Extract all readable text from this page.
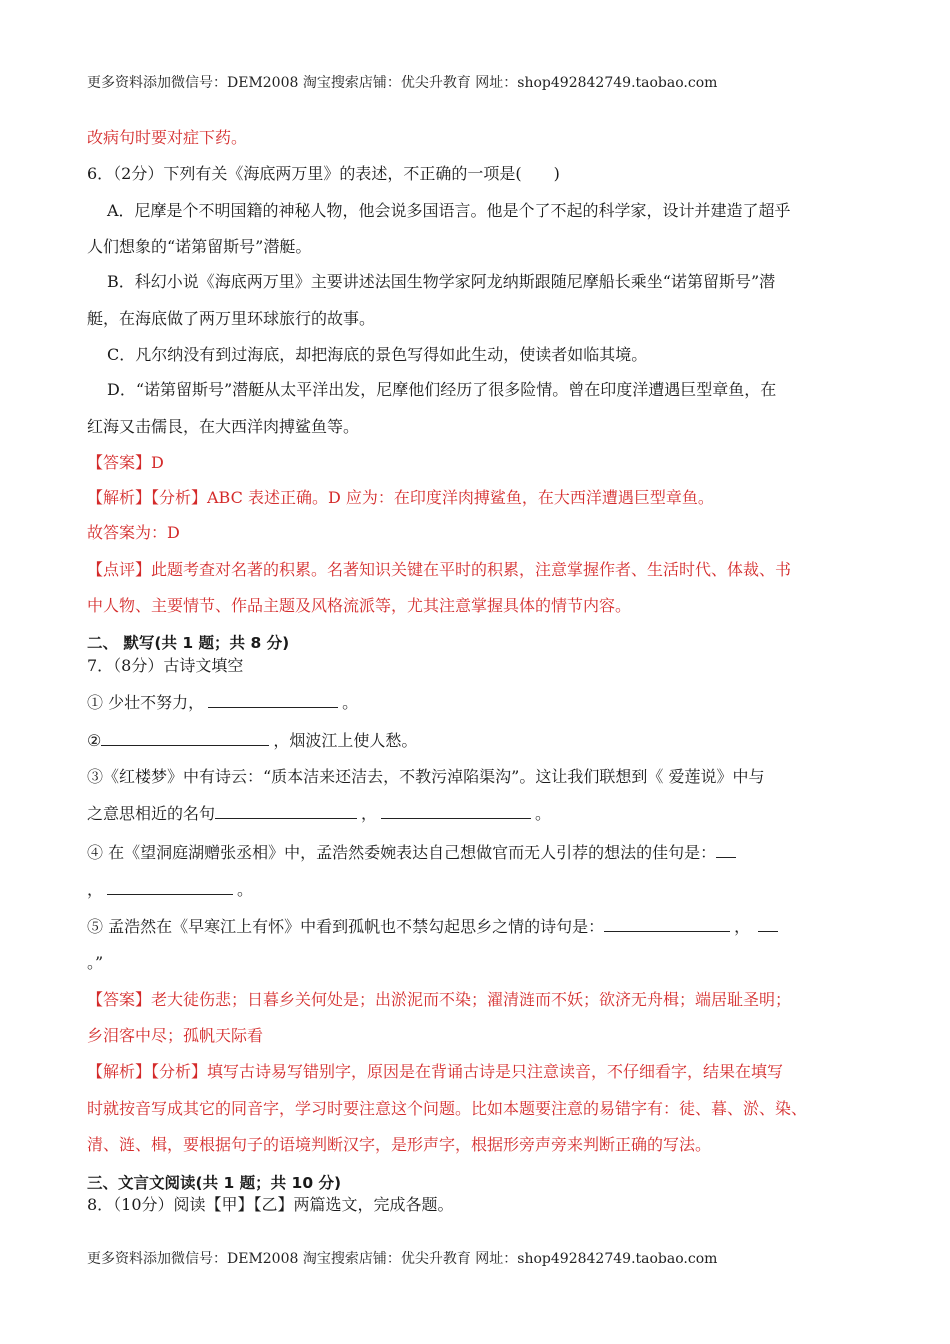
更多资料添加微信号：DEM2008 淘宝搜索店铺：优尖升教育 网址：shop492842749.taobao.com
改病句时要对症下药。
6．（2分）下列有关《海底两万里》的表述，不正确的一项是(　　)
A．尼摩是个不明国籍的神秘人物，他会说多国语言。他是个了不起的科学家，设计并建造了超乎
人们想象的“诺第留斯号”潜艇。
B．科幻小说《海底两万里》主要讲述法国生物学家阿龙纳斯跟随尼摩船长乘坐“诺第留斯号”潜
艇，在海底做了两万里环球旅行的故事。
C．凡尔纳没有到过海底，却把海底的景色写得如此生动，使读者如临其境。
D．“诺第留斯号”潜艇从太平洋出发，尼摩他们经历了很多险情。曾在印度洋遭遇巨型章鱼，在
红海又击儒艮，在大西洋肉搏鲨鱼等。
【答案】D
【解析】【分析】ABC 表述正确。D 应为：在印度洋肉搏鲨鱼，在大西洋遭遇巨型章鱼。
故答案为：D
【点评】此题考查对名著的积累。名著知识关键在平时的积累，注意掌握作者、生活时代、体裁、书
中人物、主要情节、作品主题及风格流派等，尤其注意掌握具体的情节内容。
二、 默写(共 1 题；共 8 分)
7．（8分）古诗文填空
① 少壮不努力，	。
②	，烟波江上使人愁。
③《红楼梦》中有诗云：“质本洁来还洁去，不教污淖陷渠沟”。这让我们联想到《 爱莲说》中与
之意思相近的名句	，	。
④ 在《望洞庭湖赠张丞相》中，孟浩然委婉表达自己想做官而无人引荐的想法的佳句是：
，	。
⑤ 孟浩然在《早寒江上有怀》中看到孤帆也不禁勾起思乡之情的诗句是：	，
。”
【答案】老大徒伤悲；日暮乡关何处是；出淤泥而不染；濯清涟而不妖；欲济无舟楫；端居耻圣明；
乡泪客中尽；孤帆天际看
【解析】【分析】填写古诗易写错别字，原因是在背诵古诗是只注意读音，不仔细看字，结果在填写
时就按音写成其它的同音字，学习时要注意这个问题。比如本题要注意的易错字有：徒、暮、淤、染、
清、涟、楫，要根据句子的语境判断汉字，是形声字，根据形旁声旁来判断正确的写法。
三、文言文阅读(共 1 题；共 10 分)
8．（10分）阅读【甲】【乙】两篇选文，完成各题。
更多资料添加微信号：DEM2008 淘宝搜索店铺：优尖升教育 网址：shop492842749.taobao.com
